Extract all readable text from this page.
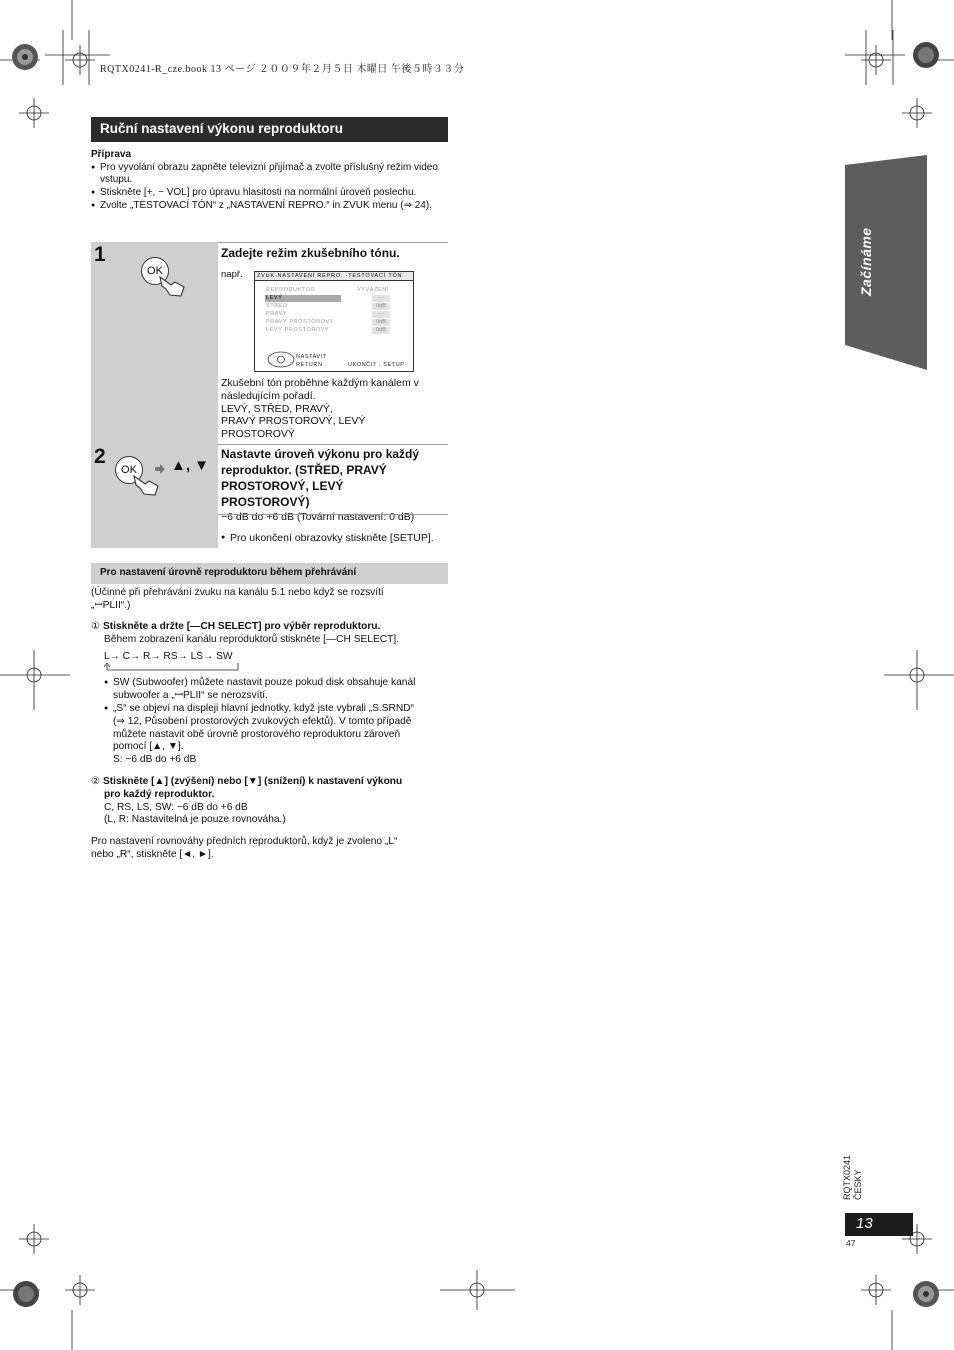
RQTX0241-R_cze.book 13 ページ ２００９年２月５日 木曜日 午後５時３３分
Ruční nastavení výkonu reproduktoru
Příprava
● Pro vyvolání obrazu zapněte televizní přijímač a zvolte příslušný režim video vstupu.
● Stiskněte [+, − VOL] pro úpravu hlasitosti na normální úroveň poslechu.
● Zvolte „TESTOVACÍ TÓN“ z „NASTAVENÍ REPRO.“ in ZVUK menu (⇒ 24).
1
OK
Zadejte režim zkušebního tónu.
např.	ZVUK-NASTAVENÍ REPRO. -TESTOVACÍ TÓN
REPRODUKTOR	VYVÁŽENÍ
LEVÝ	- -
STŘED	0dB
PRAVÝ	- -
PRAVÝ PROSTOROVÝ	0dB
LEVÝ PROSTOROVÝ	0dB
NASTAVIT
RETURN	UKONČIT : SETUP
Zkušební tón proběhne každým kanálem v následujícím pořadí.
LEVÝ, STŘED, PRAVÝ,
PRAVÝ PROSTOROVÝ, LEVÝ
PROSTOROVÝ
2
OK	▲, ▼
Nastavte úroveň výkonu pro každý
reproduktor. (STŘED, PRAVÝ
PROSTOROVÝ, LEVÝ
PROSTOROVÝ)
−6 dB do +6 dB (Tovární nastavení: 0 dB)
● Pro ukončení obrazovky stiskněte [SETUP].
Pro nastavení úrovně reproduktoru během přehrávání
(Účinné při přehrávání zvuku na kanálu 5.1 nebo když se rozsvítí
„ꟷPLII“.)
① Stiskněte a držte [—CH SELECT] pro výběr reproduktoru.
Během zobrazení kanálu reproduktorů stiskněte [—CH SELECT].
L→ C→ R→ RS→ LS→ SW
● SW (Subwoofer) můžete nastavit pouze pokud disk obsahuje kanál
subwoofer a „ꟷPLII“ se nerozsvítí.
● „S“ se objeví na displeji hlavní jednotky, když jste vybrali „S.SRND“
(⇒ 12, Působení prostorových zvukových efektů). V tomto případě
můžete nastavit obě úrovně prostorového reproduktoru zároveň
pomocí [▲, ▼].
S: −6 dB do +6 dB
② Stiskněte [▲] (zvýšení) nebo [▼] (snížení) k nastavení výkonu
pro každý reproduktor.
C, RS, LS, SW: −6 dB do +6 dB
(L, R: Nastavitelná je pouze rovnováha.)
Pro nastavení rovnováhy předních reproduktorů, když je zvoleno „L“
nebo „R“, stiskněte [◄, ►].
Začínáme
RQTX0241
ČESKY
13
47
